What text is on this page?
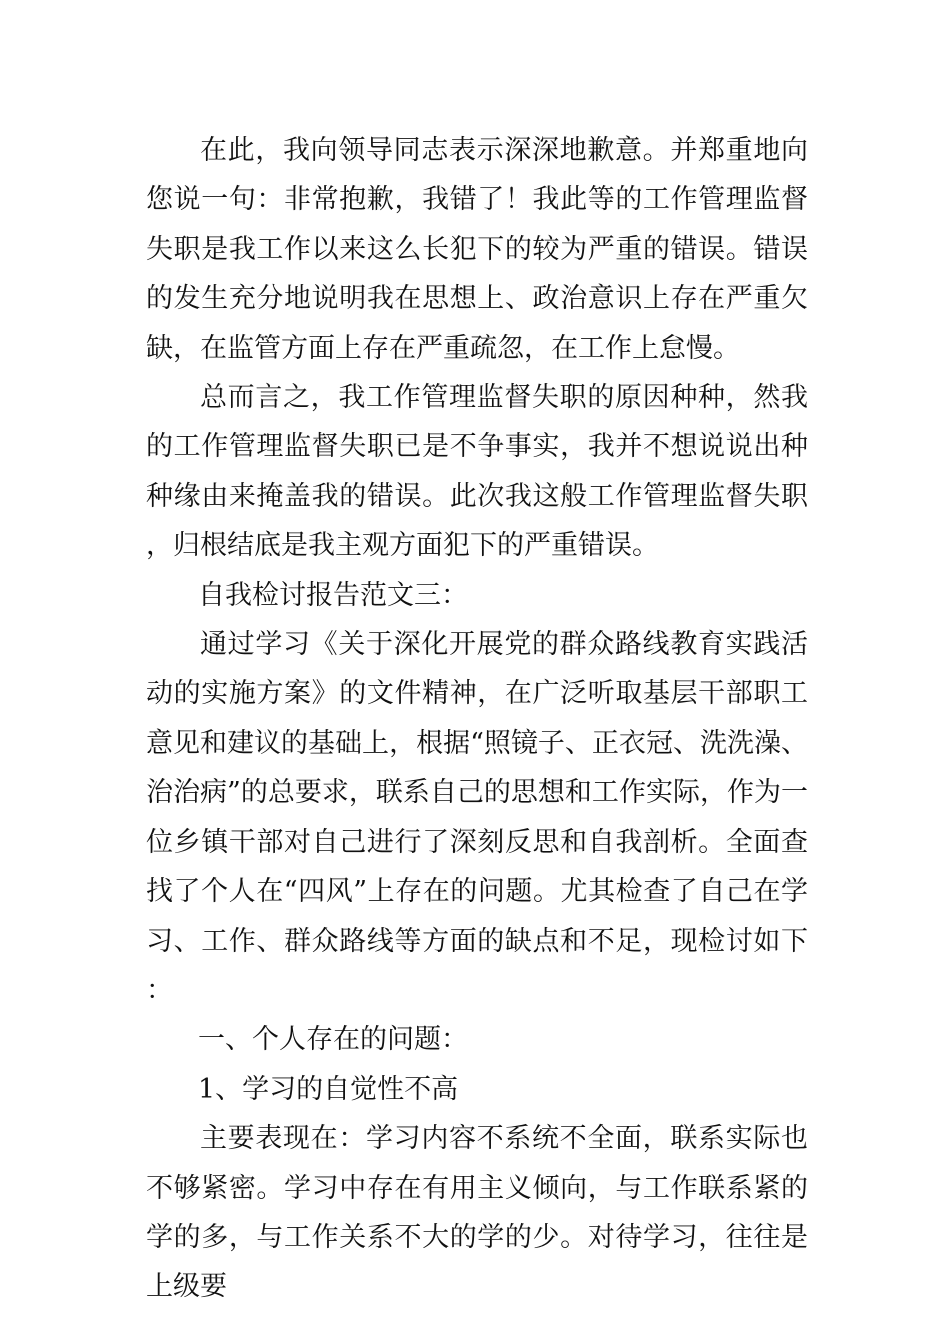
在此，我向领导同志表示深深地歉意。并郑重地向您说一句：非常抱歉，我错了！我此等的工作管理监督失职是我工作以来这么长犯下的较为严重的错误。错误的发生充分地说明我在思想上、政治意识上存在严重欠缺，在监管方面上存在严重疏忽，在工作上怠慢。

总而言之，我工作管理监督失职的原因种种，然我的工作管理监督失职已是不争事实，我并不想说说出种种缘由来掩盖我的错误。此次我这般工作管理监督失职，归根结底是我主观方面犯下的严重错误。

自我检讨报告范文三：

通过学习《关于深化开展党的群众路线教育实践活动的实施方案》的文件精神，在广泛听取基层干部职工意见和建议的基础上，根据“照镜子、正衣冠、洗洗澡、治治病”的总要求，联系自己的思想和工作实际，作为一位乡镇干部对自己进行了深刻反思和自我剖析。全面查找了个人在“四风”上存在的问题。尤其检查了自己在学习、工作、群众路线等方面的缺点和不足，现检讨如下：

一、个人存在的问题：

1、学习的自觉性不高

主要表现在：学习内容不系统不全面，联系实际也不够紧密。学习中存在有用主义倾向，与工作联系紧的学的多，与工作关系不大的学的少。对待学习，往往是上级要
